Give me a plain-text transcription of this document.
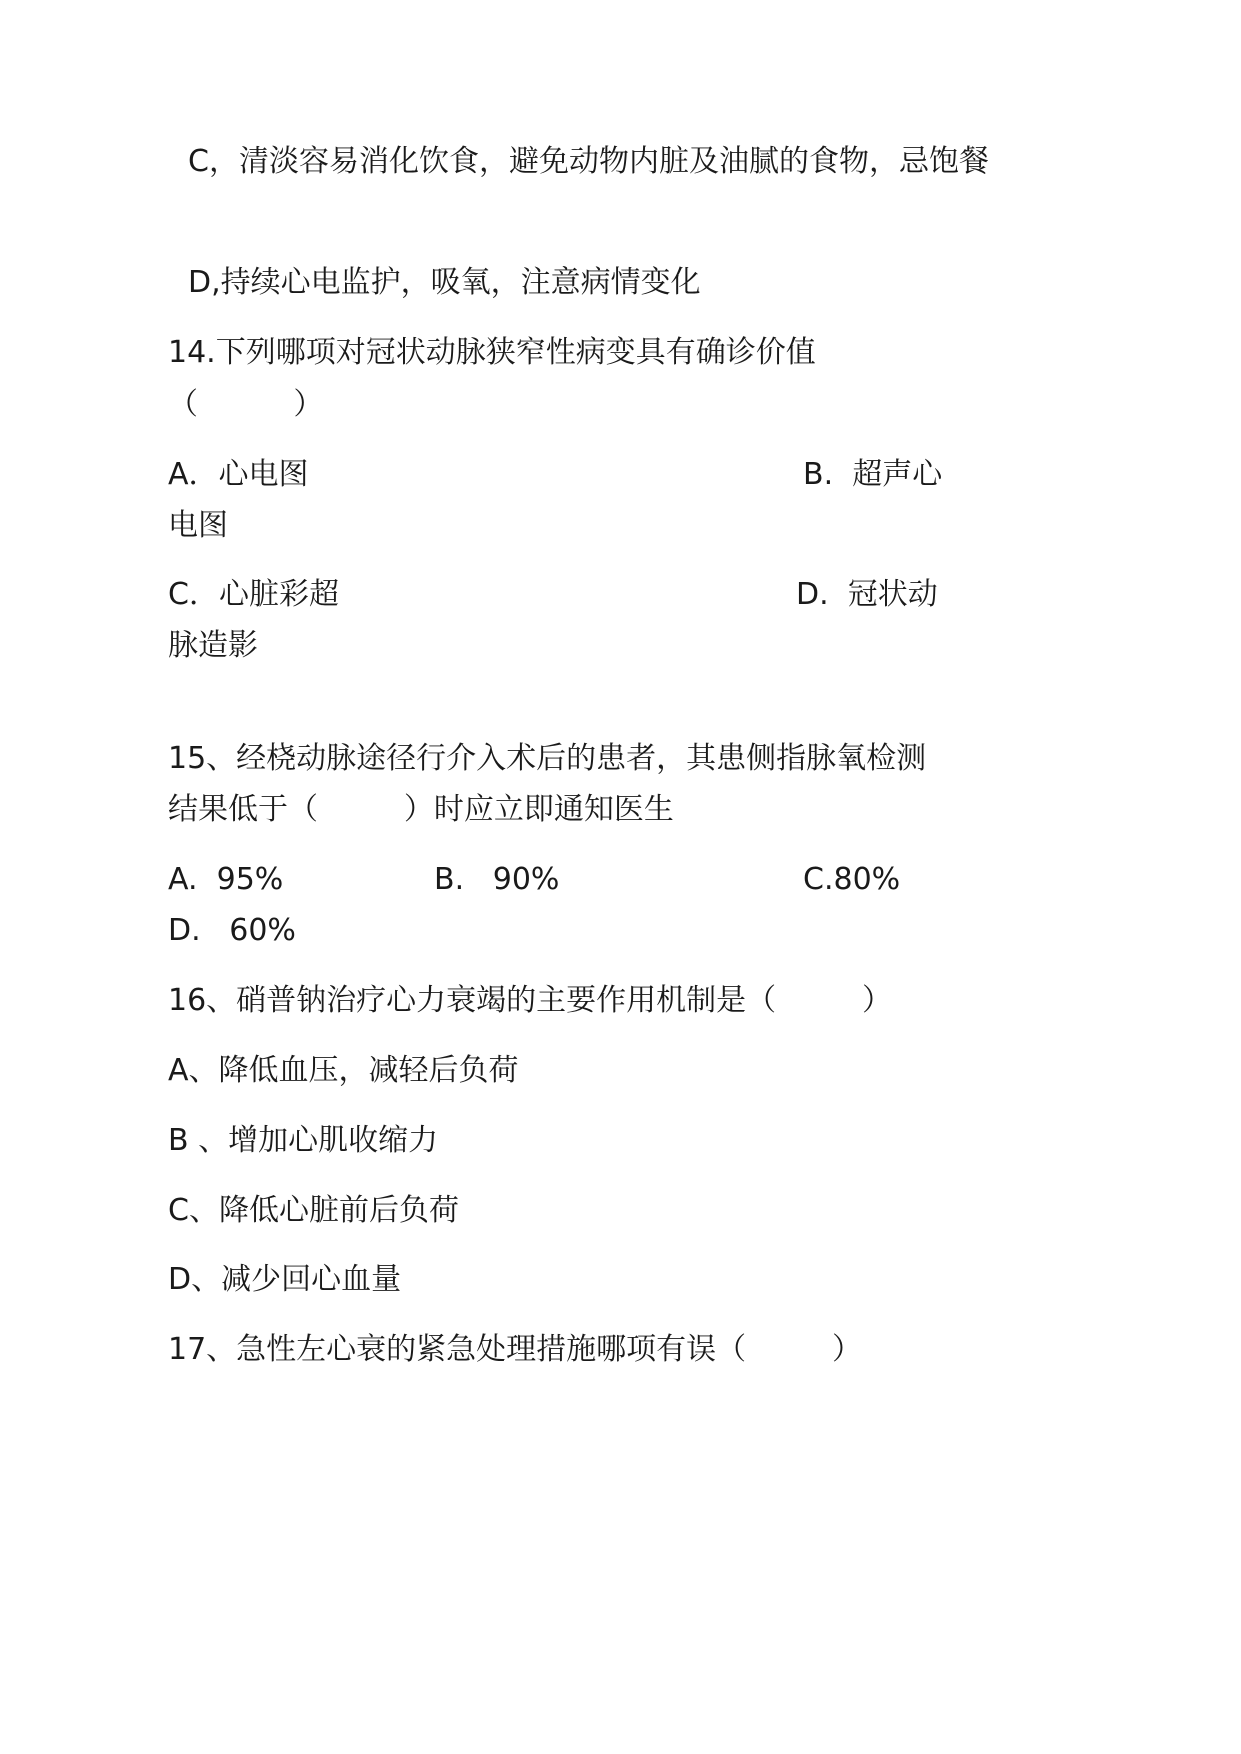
C，清淡容易消化饮食，避免动物内脏及油腻的食物，忌饱餐
D,持续心电监护，吸氧，注意病情变化
14.下列哪项对冠状动脉狭窄性病变具有确诊价值
（          ）
A．心电图	B.  超声心
电图
C．心脏彩超	D.  冠状动
脉造影
15、经桡动脉途径行介入术后的患者，其患侧指脉氧检测
结果低于（         ）时应立即通知医生
A.  95%	B.   90%	C.80%
D.   60%
16、硝普钠治疗心力衰竭的主要作用机制是（         ）
A、降低血压，减轻后负荷
B 、增加心肌收缩力
C、降低心脏前后负荷
D、减少回心血量
17、急性左心衰的紧急处理措施哪项有误（         ）
